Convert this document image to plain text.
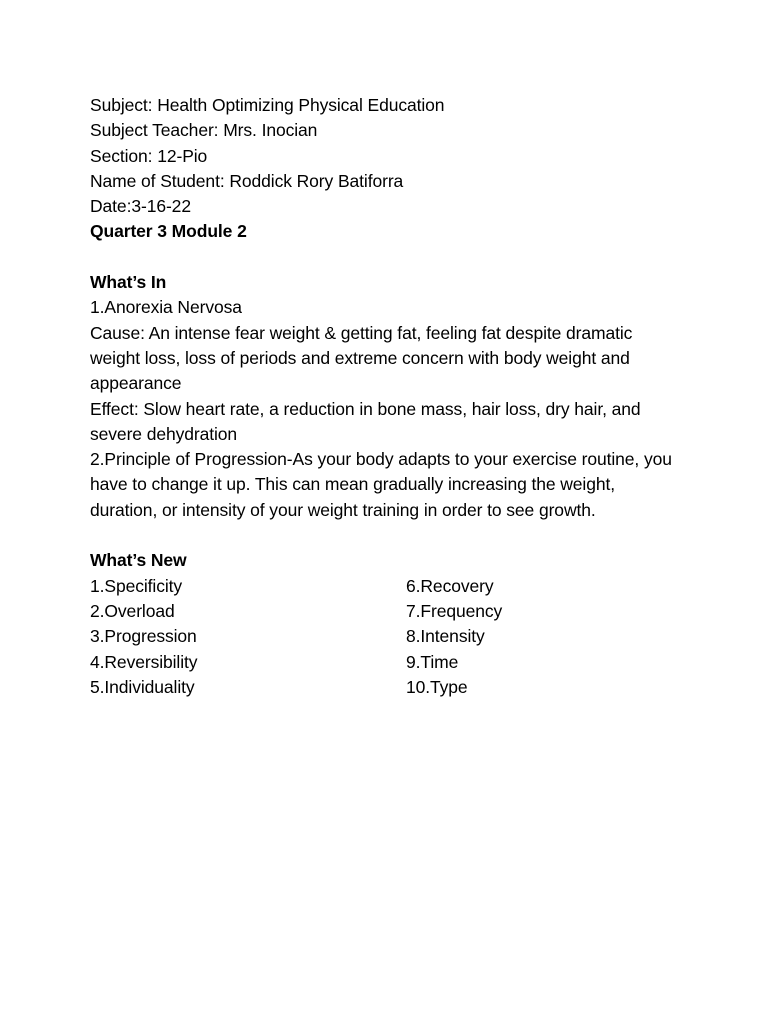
Subject: Health Optimizing Physical Education
Subject Teacher: Mrs. Inocian
Section: 12-Pio
Name of Student: Roddick Rory Batiforra
Date:3-16-22
Quarter 3 Module 2
What’s In
1.Anorexia Nervosa
Cause: An intense fear weight & getting fat, feeling fat despite dramatic weight loss, loss of periods and extreme concern with body weight and appearance
Effect: Slow heart rate, a reduction in bone mass, hair loss, dry hair, and severe dehydration
2.Principle of Progression-As your body adapts to your exercise routine, you have to change it up. This can mean gradually increasing the weight, duration, or intensity of your weight training in order to see growth.
What’s New
1.Specificity
2.Overload
3.Progression
4.Reversibility
5.Individuality
6.Recovery
7.Frequency
8.Intensity
9.Time
10.Type
